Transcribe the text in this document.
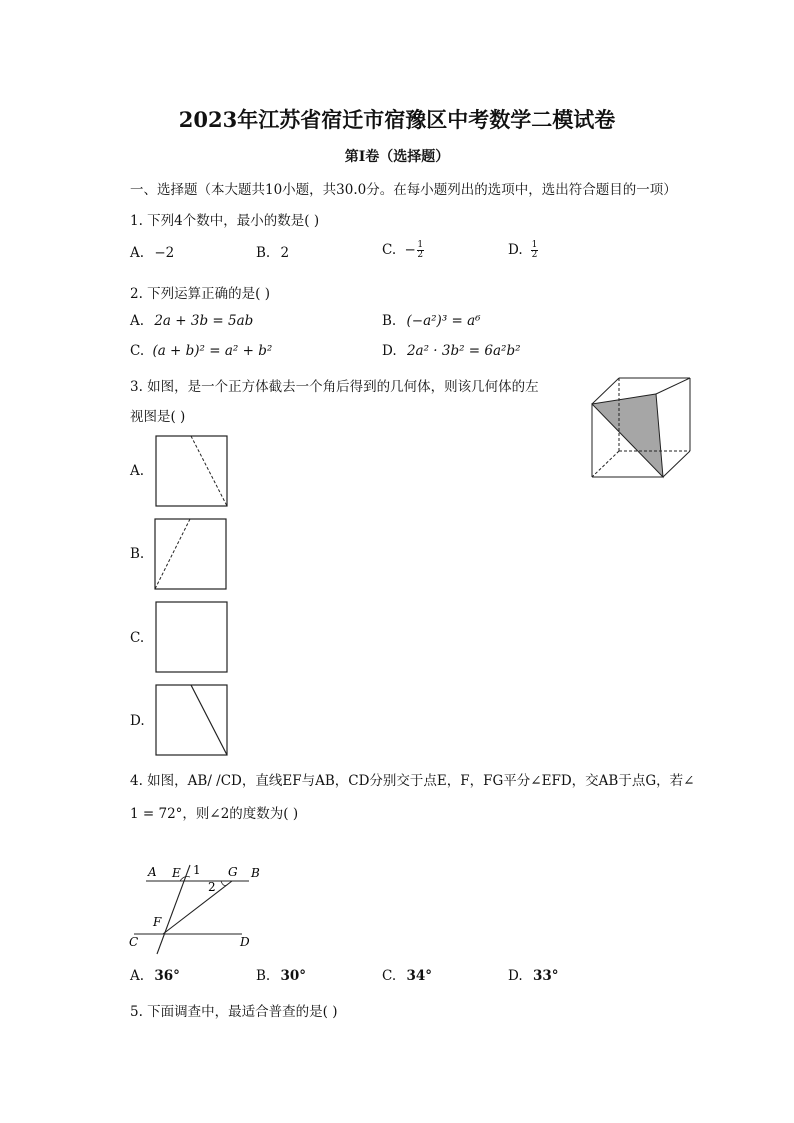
2023年江苏省宿迁市宿豫区中考数学二模试卷
第I卷（选择题）
一、选择题（本大题共10小题，共30.0分。在每小题列出的选项中，选出符合题目的一项）
1. 下列4个数中，最小的数是( )
A. −2	B. 2	C. − $\frac{1}{2}$	D. $\frac{1}{2}$
2. 下列运算正确的是( )
A. 2a + 3b = 5ab	B. (−a²)³ = a⁶
C. (a + b)² = a² + b²	D. 2a² · 3b² = 6a²b²
3. 如图，是一个正方体截去一个角后得到的几何体，则该几何体的左
视图是( )
A.
B.
C.
D.
4. 如图，AB/ /CD，直线EF与AB，CD分别交于点E，F，FG平分∠EFD，交AB于点G，若∠
1 = 72°，则∠2的度数为( )
A E 1 G B
2
F
C	D
A. 36°	B. 30°	C. 34°	D. 33°
5. 下面调查中，最适合普查的是( )
